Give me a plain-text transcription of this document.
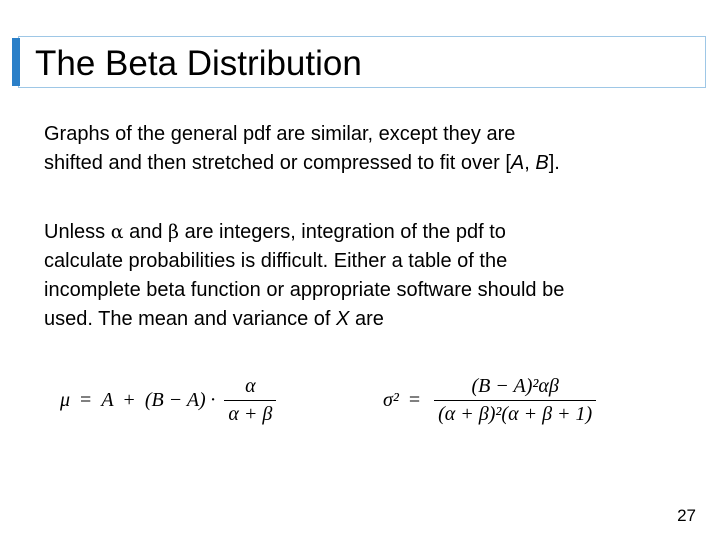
The Beta Distribution

Graphs of the general pdf are similar, except they are
shifted and then stretched or compressed to fit over [A, B].

Unless α and β are integers, integration of the pdf to
calculate probabilities is difficult. Either a table of the
incomplete beta function or appropriate software should be
used. The mean and variance of X are

$\mu = A + (B - A) \cdot \frac{\alpha}{\alpha + \beta}$	$\sigma^2 = \frac{\text{(B − A)²αβ}}{\text{(α + β)²(α + β + 1)}}$
27
